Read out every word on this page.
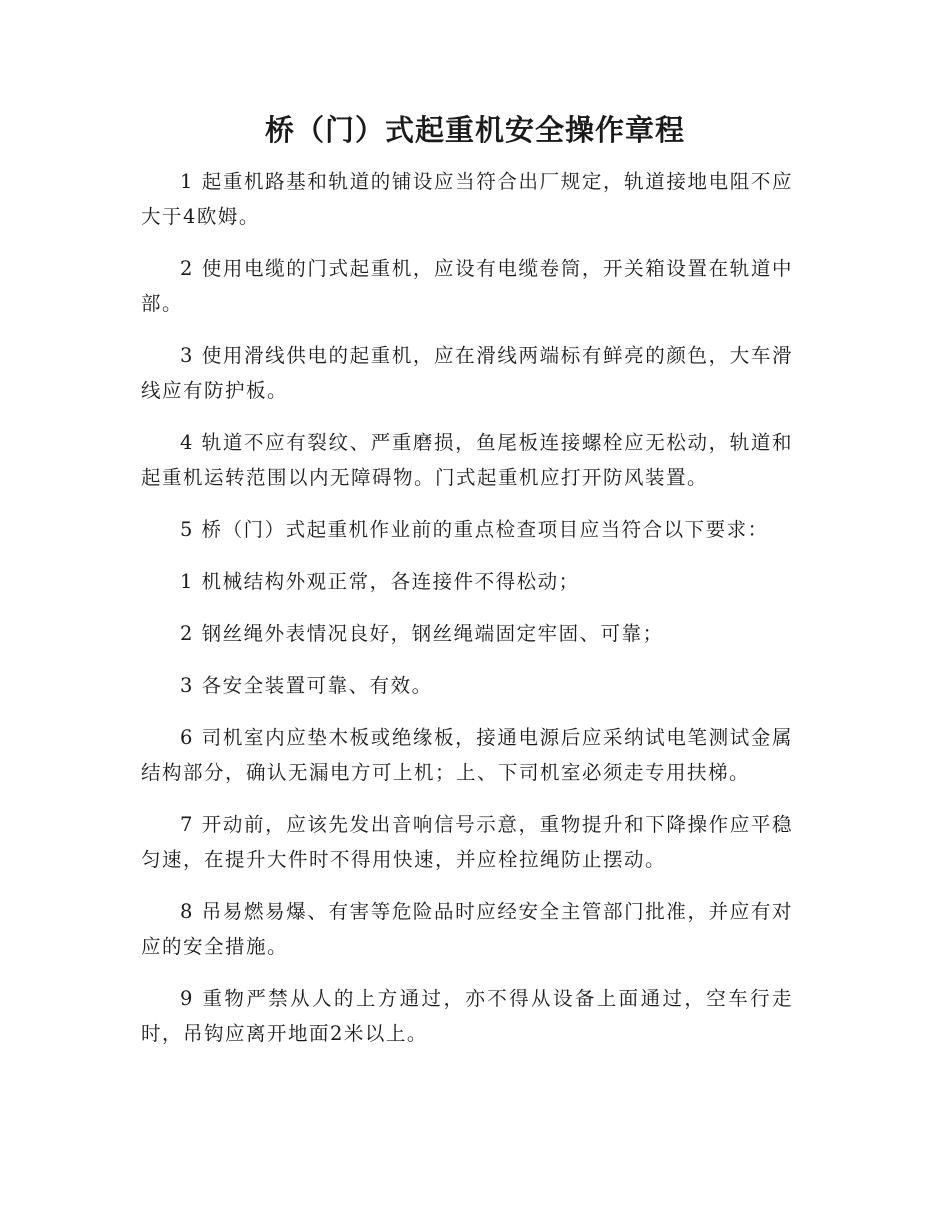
桥（门）式起重机安全操作章程

1 起重机路基和轨道的铺设应当符合出厂规定，轨道接地电阻不应大于4欧姆。

2 使用电缆的门式起重机，应设有电缆卷筒，开关箱设置在轨道中部。

3 使用滑线供电的起重机，应在滑线两端标有鲜亮的颜色，大车滑线应有防护板。

4 轨道不应有裂纹、严重磨损，鱼尾板连接螺栓应无松动，轨道和起重机运转范围以内无障碍物。门式起重机应打开防风装置。

5 桥（门）式起重机作业前的重点检查项目应当符合以下要求：

1 机械结构外观正常，各连接件不得松动；

2 钢丝绳外表情况良好，钢丝绳端固定牢固、可靠；

3 各安全装置可靠、有效。

6 司机室内应垫木板或绝缘板，接通电源后应采纳试电笔测试金属结构部分，确认无漏电方可上机；上、下司机室必须走专用扶梯。

7 开动前，应该先发出音响信号示意，重物提升和下降操作应平稳匀速，在提升大件时不得用快速，并应栓拉绳防止摆动。

8 吊易燃易爆、有害等危险品时应经安全主管部门批准，并应有对应的安全措施。

9 重物严禁从人的上方通过，亦不得从设备上面通过，空车行走时，吊钩应离开地面2米以上。
